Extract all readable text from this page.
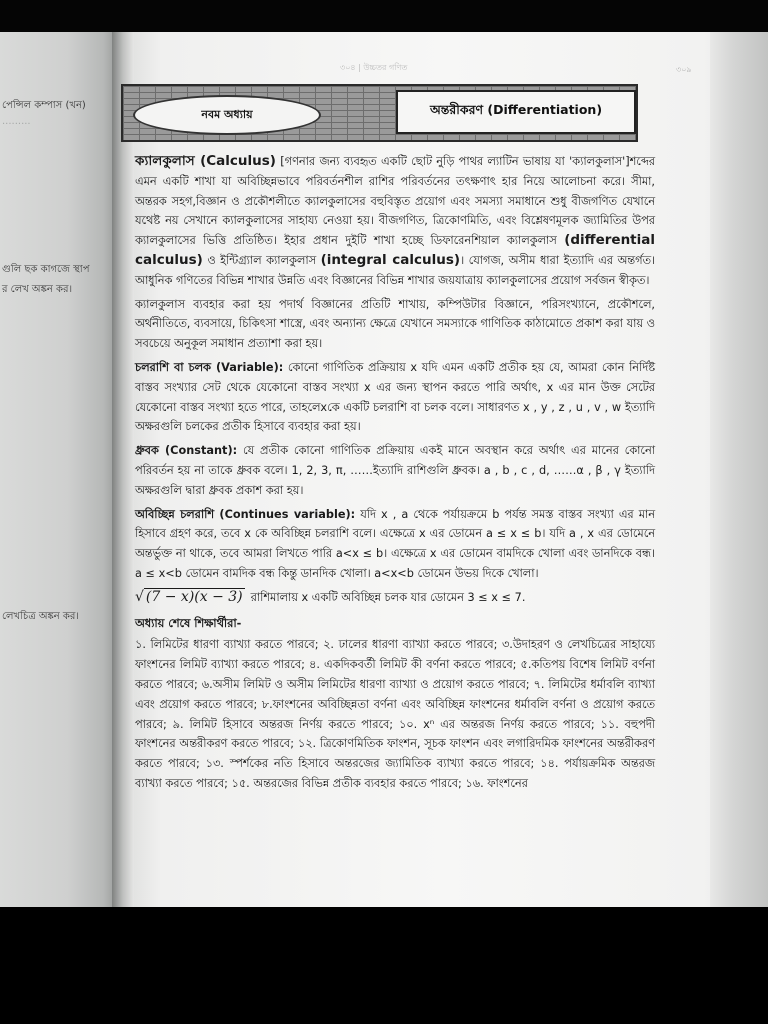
পেন্সিল কম্পাস (খন)
.........
গুলি ছক কাগজে স্থাপ
র লেখ অঙ্কন কর।
লেখচিত্র অঙ্কন কর।
৩০৪ | উচ্চতর গণিত	৩০৯
নবম অধ্যায়	অন্তরীকরণ (Differentiation)

ক্যালকুলাস (Calculus) [গণনার জন্য ব্যবহৃত একটি ছোট নুড়ি পাথর ল্যাটিন ভাষায় যা 'ক্যালকুলাস']শব্দের এমন একটি শাখা যা অবিচ্ছিন্নভাবে পরিবর্তনশীল রাশির পরিবর্তনের তৎক্ষণাৎ হার নিয়ে আলোচনা করে। সীমা, অন্তরক সহগ,বিজ্ঞান ও প্রকৌশলীতে ক্যালকুলাসের বহুবিস্তৃত প্রয়োগ এবং সমস্যা সমাধানে শুধু বীজগণিত যেখানে যথেষ্ট নয় সেখানে ক্যালকুলাসের সাহায্য নেওয়া হয়। বীজগণিত, ত্রিকোণমিতি, এবং বিশ্লেষণমূলক জ্যামিতির উপর ক্যালকুলাসের ভিত্তি প্রতিষ্ঠিত। ইহার প্রধান দুইটি শাখা হচ্ছে ডিফারেনশিয়াল ক্যালকুলাস (differential calculus) ও ইন্টিগ্র্যাল ক্যালকুলাস (integral calculus)। যোগজ, অসীম ধারা ইত্যাদি এর অন্তর্গত। আধুনিক গণিতের বিভিন্ন শাখার উন্নতি এবং বিজ্ঞানের বিভিন্ন শাখার জয়যাত্রায় ক্যালকুলাসের প্রয়োগ সর্বজন স্বীকৃত।

ক্যালকুলাস ব্যবহার করা হয় পদার্থ বিজ্ঞানের প্রতিটি শাখায়, কম্পিউটার বিজ্ঞানে, পরিসংখ্যানে, প্রকৌশলে, অর্থনীতিতে, ব্যবসায়ে, চিকিৎসা শাস্ত্রে, এবং অন্যান্য ক্ষেত্রে যেখানে সমস্যাকে গাণিতিক কাঠামোতে প্রকাশ করা যায় ও সবচেয়ে অনুকূল সমাধান প্রত্যাশা করা হয়।

চলরাশি বা চলক (Variable): কোনো গাণিতিক প্রক্রিয়ায় x যদি এমন একটি প্রতীক হয় যে, আমরা কোন নির্দিষ্ট বাস্তব সংখ্যার সেট থেকে যেকোনো বাস্তব সংখ্যা x এর জন্য স্থাপন করতে পারি অর্থাৎ, x এর মান উক্ত সেটের যেকোনো বাস্তব সংখ্যা হতে পারে, তাহলেxকে একটি চলরাশি বা চলক বলে। সাধারণত x , y , z , u , v , w ইত্যাদি অক্ষরগুলি চলকের প্রতীক হিসাবে ব্যবহার করা হয়।

ধ্রুবক (Constant): যে প্রতীক কোনো গাণিতিক প্রক্রিয়ায় একই মানে অবস্থান করে অর্থাৎ এর মানের কোনো পরিবর্তন হয় না তাকে ধ্রুবক বলে। 1, 2, 3, π, ……ইত্যাদি রাশিগুলি ধ্রুবক। a , b , c , d, ……α , β , γ ইত্যাদি অক্ষরগুলি দ্বারা ধ্রুবক প্রকাশ করা হয়।

অবিচ্ছিন্ন চলরাশি (Continues variable): যদি x , a থেকে পর্যায়ক্রমে b পর্যন্ত সমস্ত বাস্তব সংখ্যা এর মান হিসাবে গ্রহণ করে, তবে x কে অবিচ্ছিন্ন চলরাশি বলে। এক্ষেত্রে x এর ডোমেন a ≤ x ≤ b। যদি a , x এর ডোমেনে অন্তর্ভুক্ত না থাকে, তবে আমরা লিখতে পারি a<x ≤ b। এক্ষেত্রে x এর ডোমেন বামদিকে খোলা এবং ডানদিকে বন্ধ। a ≤ x<b ডোমেন বামদিক বন্ধ কিন্তু ডানদিক খোলা। a<x<b ডোমেন উভয় দিকে খোলা।

√ (7 − x)(x − 3) রাশিমালায় x একটি অবিচ্ছিন্ন চলক যার ডোমেন 3 ≤ x ≤ 7.
অধ্যায় শেষে শিক্ষার্থীরা-

১. লিমিটের ধারণা ব্যাখ্যা করতে পারবে; ২. ঢালের ধারণা ব্যাখ্যা করতে পারবে; ৩.উদাহরণ ও লেখচিত্রের সাহায্যে ফাংশনের লিমিট ব্যাখ্যা করতে পারবে; ৪. একদিকবর্তী লিমিট কী বর্ণনা করতে পারবে; ৫.কতিপয় বিশেষ লিমিট বর্ণনা করতে পারবে; ৬.অসীম লিমিট ও অসীম লিমিটের ধারণা ব্যাখ্যা ও প্রয়োগ করতে পারবে; ৭. লিমিটের ধর্মাবলি ব্যাখ্যা এবং প্রয়োগ করতে পারবে; ৮.ফাংশনের অবিচ্ছিন্নতা বর্ণনা এবং অবিচ্ছিন্ন ফাংশনের ধর্মাবলি বর্ণনা ও প্রয়োগ করতে পারবে; ৯. লিমিট হিসাবে অন্তরজ নির্ণয় করতে পারবে; ১০. xⁿ এর অন্তরজ নির্ণয় করতে পারবে; ১১. বহুপদী ফাংশনের অন্তরীকরণ করতে পারবে; ১২. ত্রিকোণমিতিক ফাংশন, সূচক ফাংশন এবং লগারিদমিক ফাংশনের অন্তরীকরণ করতে পারবে; ১৩. স্পর্শকের নতি হিসাবে অন্তরজের জ্যামিতিক ব্যাখ্যা করতে পারবে; ১৪. পর্যায়ক্রমিক অন্তরজ ব্যাখ্যা করতে পারবে; ১৫. অন্তরজের বিভিন্ন প্রতীক ব্যবহার করতে পারবে; ১৬. ফাংশনের
